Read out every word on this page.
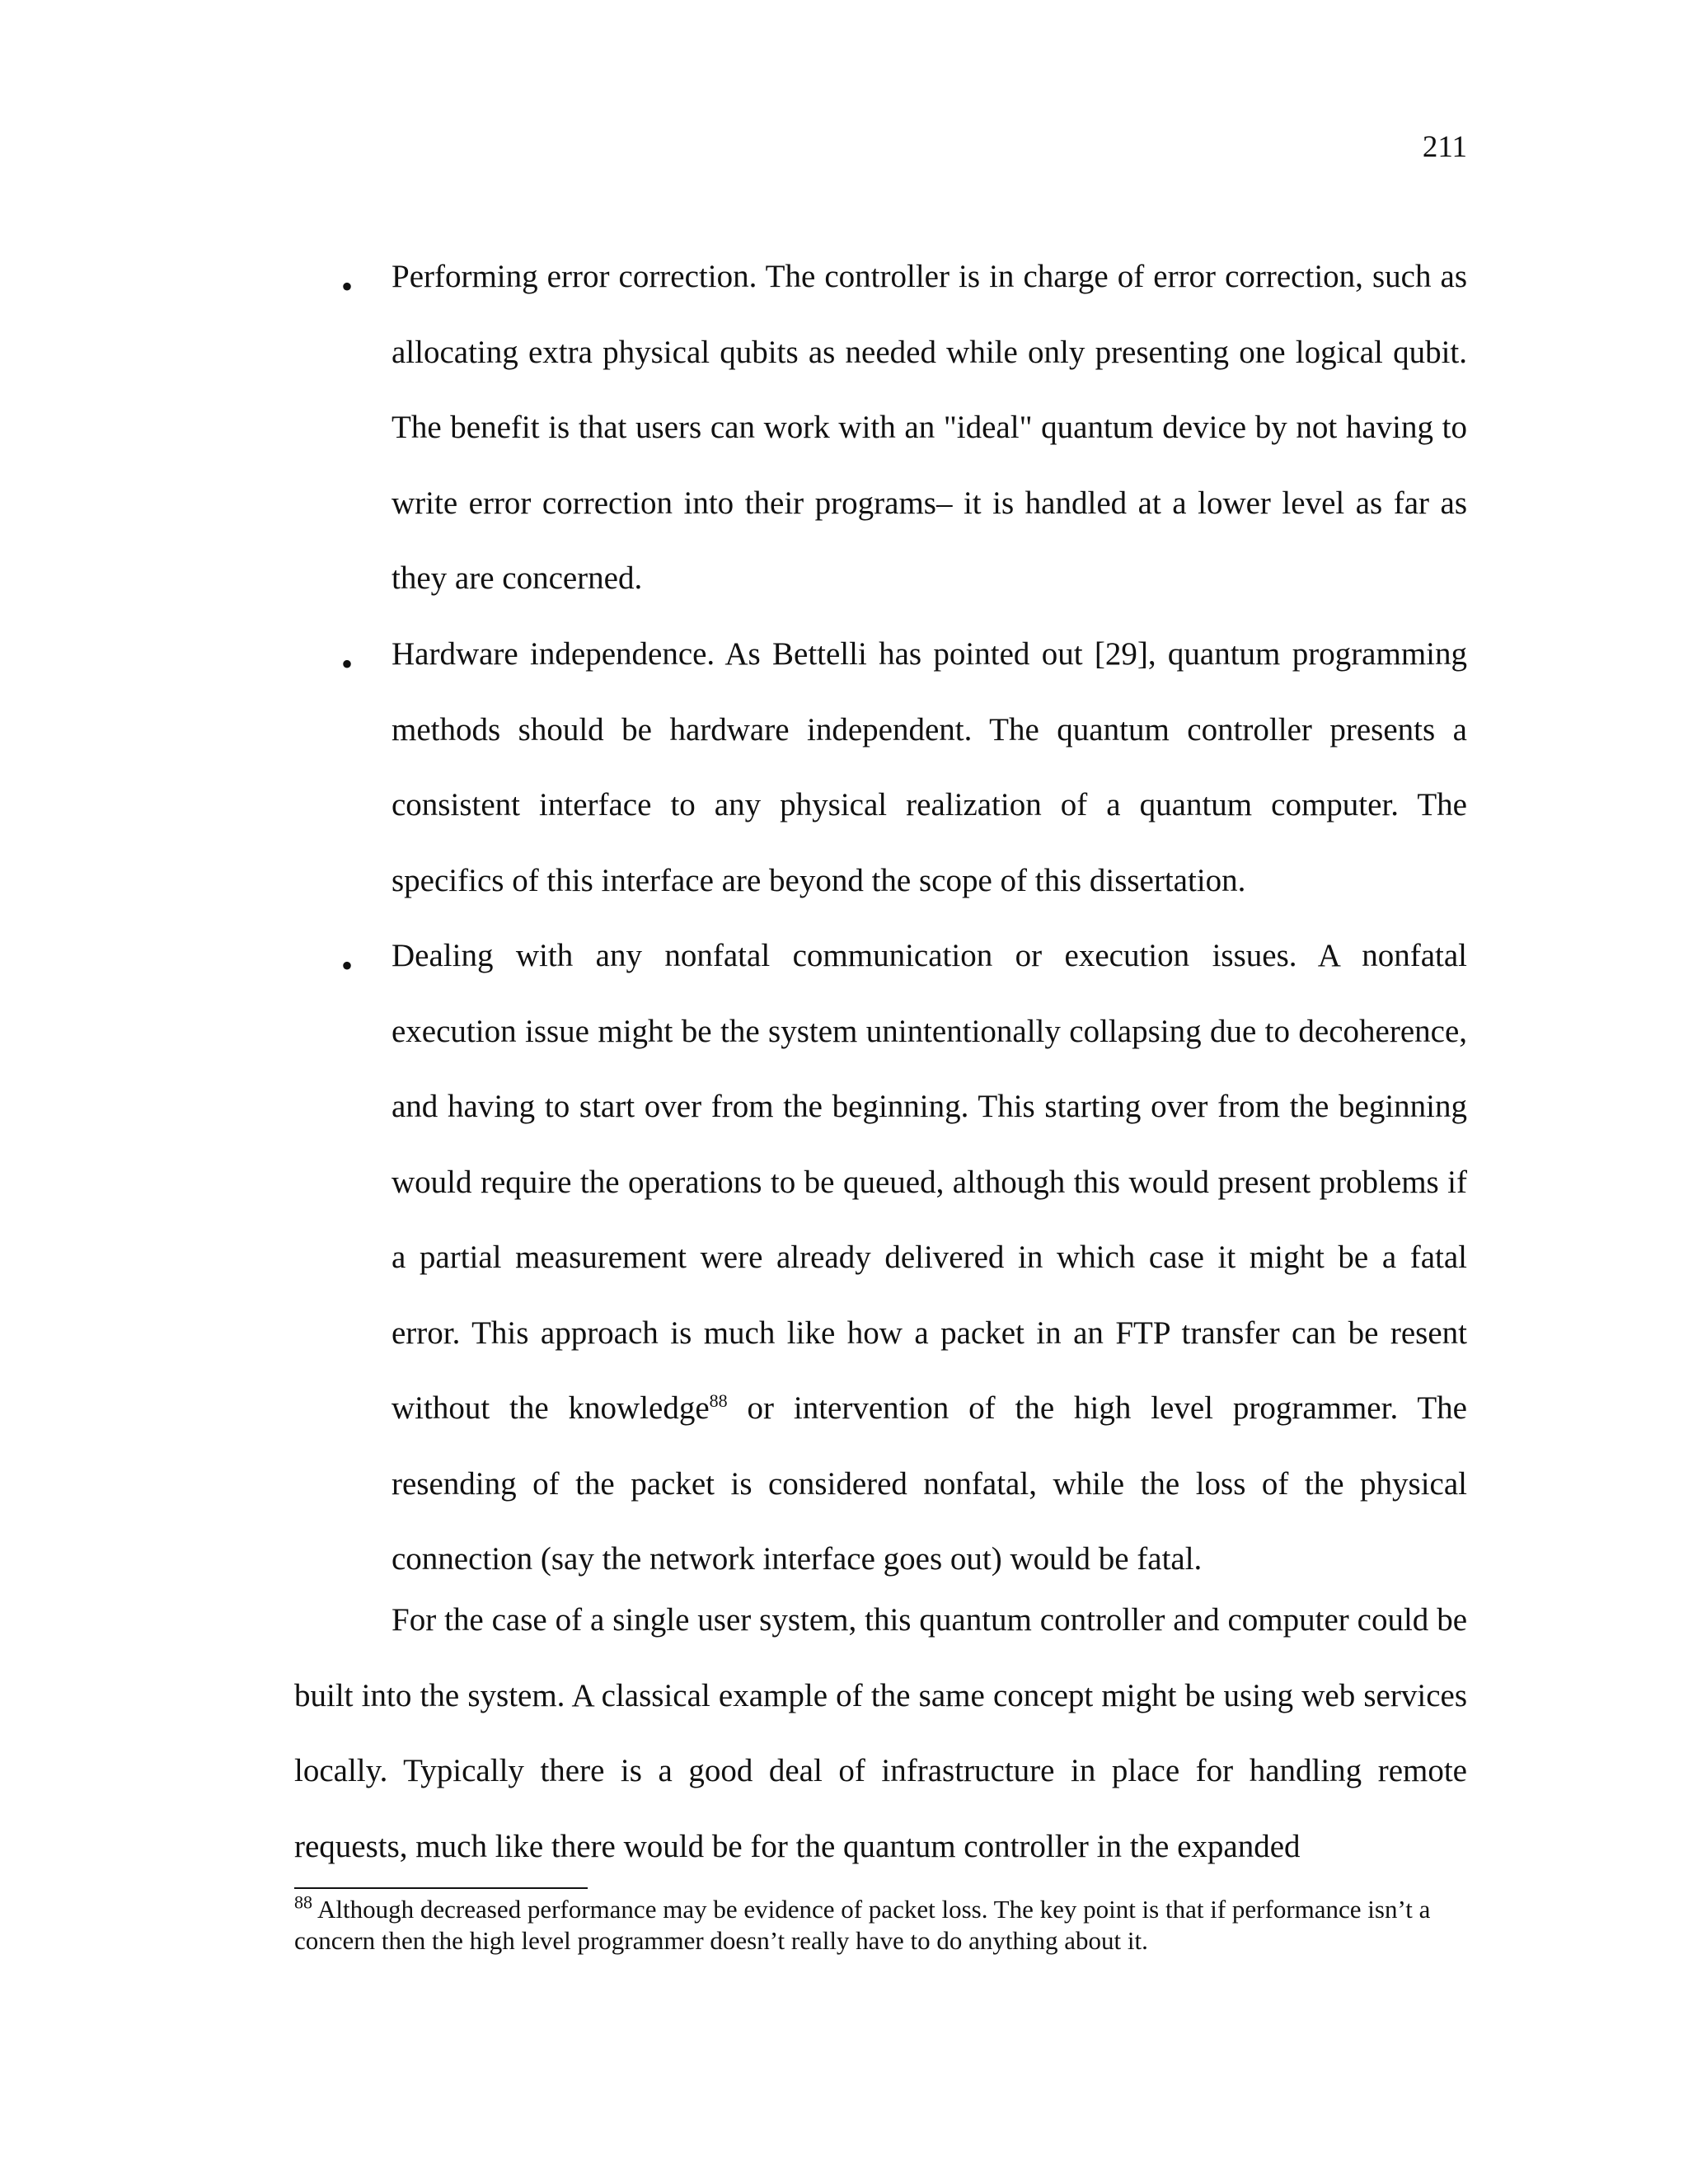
211
• Performing error correction. The controller is in charge of error correction, such as allocating extra physical qubits as needed while only presenting one logical qubit. The benefit is that users can work with an "ideal" quantum device by not having to write error correction into their programs– it is handled at a lower level as far as they are concerned.
• Hardware independence. As Bettelli has pointed out [29], quantum programming methods should be hardware independent. The quantum controller presents a consistent interface to any physical realization of a quantum computer. The specifics of this interface are beyond the scope of this dissertation.
• Dealing with any nonfatal communication or execution issues. A nonfatal execution issue might be the system unintentionally collapsing due to decoherence, and having to start over from the beginning. This starting over from the beginning would require the operations to be queued, although this would present problems if a partial measurement were already delivered in which case it might be a fatal error. This approach is much like how a packet in an FTP transfer can be resent without the knowledge$^{88}$ or intervention of the high level programmer. The resending of the packet is considered nonfatal, while the loss of the physical connection (say the network interface goes out) would be fatal.

For the case of a single user system, this quantum controller and computer could be built into the system. A classical example of the same concept might be using web services locally. Typically there is a good deal of infrastructure in place for handling remote requests, much like there would be for the quantum controller in the expanded

$^{88}$ Although decreased performance may be evidence of packet loss. The key point is that if performance isn’t a concern then the high level programmer doesn’t really have to do anything about it.
